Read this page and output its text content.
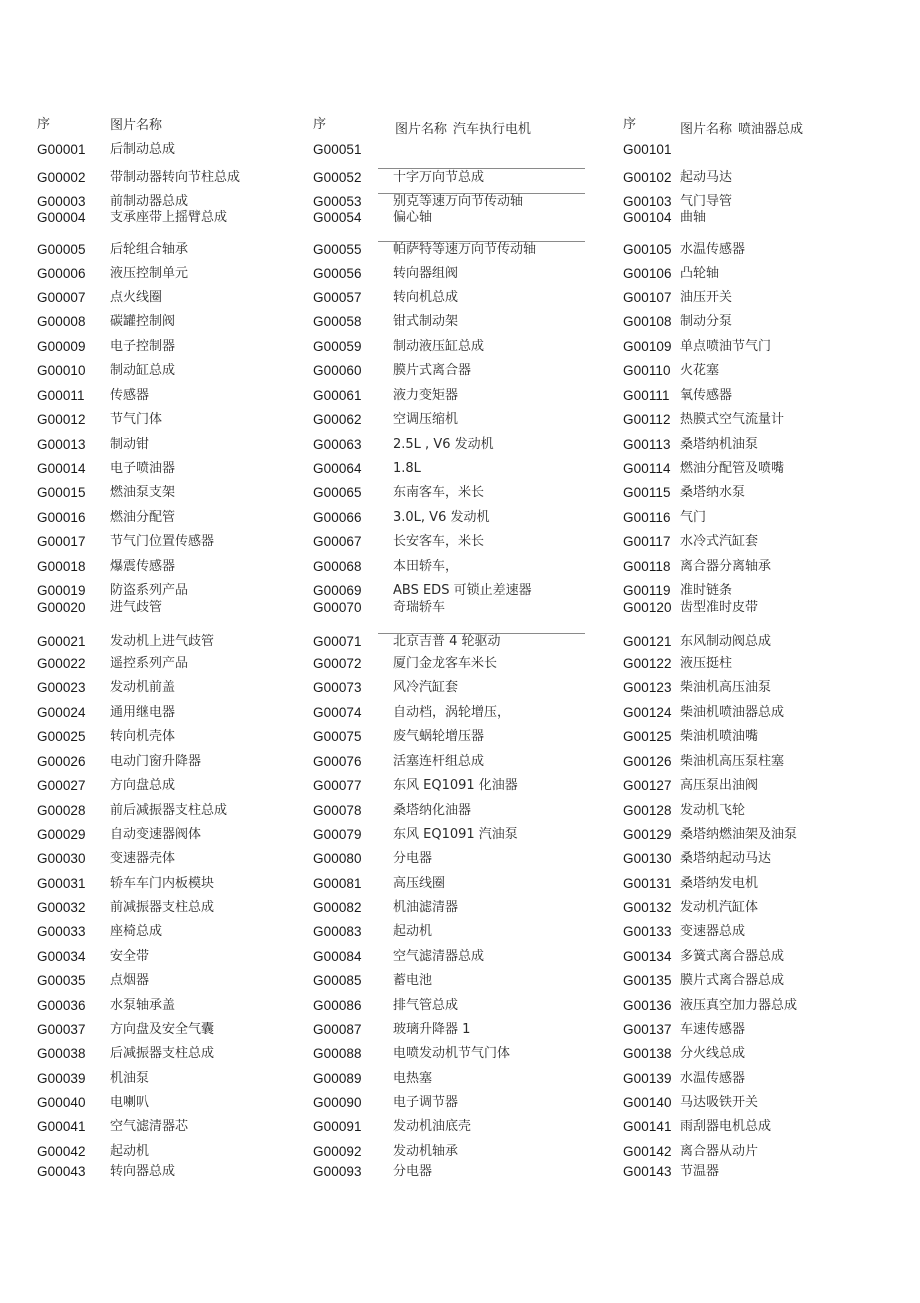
序	图片名称
G00001 后制动总成
G00002 带制动器转向节柱总成
G00003 前制动器总成
G00004 支承座带上摇臂总成
G00005 后轮组合轴承
G00006 液压控制单元
G00007 点火线圈
G00008 碳罐控制阀
G00009 电子控制器
G00010 制动缸总成
G00011 传感器
G00012 节气门体
G00013 制动钳
G00014 电子喷油器
G00015 燃油泵支架
G00016 燃油分配管
G00017 节气门位置传感器
G00018 爆震传感器
G00019 防盗系列产品
G00020 进气歧管
G00021 发动机上进气歧管
G00022 遥控系列产品
G00023 发动机前盖
G00024 通用继电器
G00025 转向机壳体
G00026 电动门窗升降器
G00027 方向盘总成
G00028 前后减振器支柱总成
G00029 自动变速器阀体
G00030 变速器壳体
G00031 轿车车门内板模块
G00032 前减振器支柱总成
G00033 座椅总成
G00034 安全带
G00035 点烟器
G00036 水泵轴承盖
G00037 方向盘及安全气囊
G00038 后减振器支柱总成
G00039 机油泵
G00040 电喇叭
G00041 空气滤清器芯
G00042 起动机
G00043 转向器总成
序	图片名称 汽车执行电机
G00051
G00052 十字万向节总成
G00053 别克等速万向节传动轴
G00054 偏心轴
G00055 帕萨特等速万向节传动轴
G00056 转向器组阀
G00057 转向机总成
G00058 钳式制动架
G00059 制动液压缸总成
G00060 膜片式离合器
G00061 液力变矩器
G00062 空调压缩机
G00063 2.5L , V6 发动机
G00064 1.8L
G00065 东南客车，米长
G00066 3.0L, V6 发动机
G00067 长安客车，米长
G00068 本田轿车，
G00069 ABS EDS 可锁止差速器
G00070 奇瑞轿车
G00071 北京吉普 4 轮驱动
G00072 厦门金龙客车米长
G00073 风冷汽缸套
G00074 自动档，涡轮增压，
G00075 废气蜗轮增压器
G00076 活塞连杆组总成
G00077 东风 EQ1091 化油器
G00078 桑塔纳化油器
G00079 东风 EQ1091 汽油泵
G00080 分电器
G00081 高压线圈
G00082 机油滤清器
G00083 起动机
G00084 空气滤清器总成
G00085 蓄电池
G00086 排气管总成
G00087 玻璃升降器 1
G00088 电喷发动机节气门体
G00089 电热塞
G00090 电子调节器
G00091 发动机油底壳
G00092 发动机轴承
G00093 分电器
序	图片名称 喷油器总成
G00101
G00102 起动马达
G00103 气门导管
G00104 曲轴
G00105 水温传感器
G00106 凸轮轴
G00107 油压开关
G00108 制动分泵
G00109 单点喷油节气门
G00110 火花塞
G00111 氧传感器
G00112 热膜式空气流量计
G00113 桑塔纳机油泵
G00114 燃油分配管及喷嘴
G00115 桑塔纳水泵
G00116 气门
G00117 水冷式汽缸套
G00118 离合器分离轴承
G00119 准时链条
G00120 齿型准时皮带
G00121 东风制动阀总成
G00122 液压挺柱
G00123 柴油机高压油泵
G00124 柴油机喷油器总成
G00125 柴油机喷油嘴
G00126 柴油机高压泵柱塞
G00127 高压泵出油阀
G00128 发动机飞轮
G00129 桑塔纳燃油架及油泵
G00130 桑塔纳起动马达
G00131 桑塔纳发电机
G00132 发动机汽缸体
G00133 变速器总成
G00134 多簧式离合器总成
G00135 膜片式离合器总成
G00136 液压真空加力器总成
G00137 车速传感器
G00138 分火线总成
G00139 水温传感器
G00140 马达吸铁开关
G00141 雨刮器电机总成
G00142 离合器从动片
G00143 节温器
